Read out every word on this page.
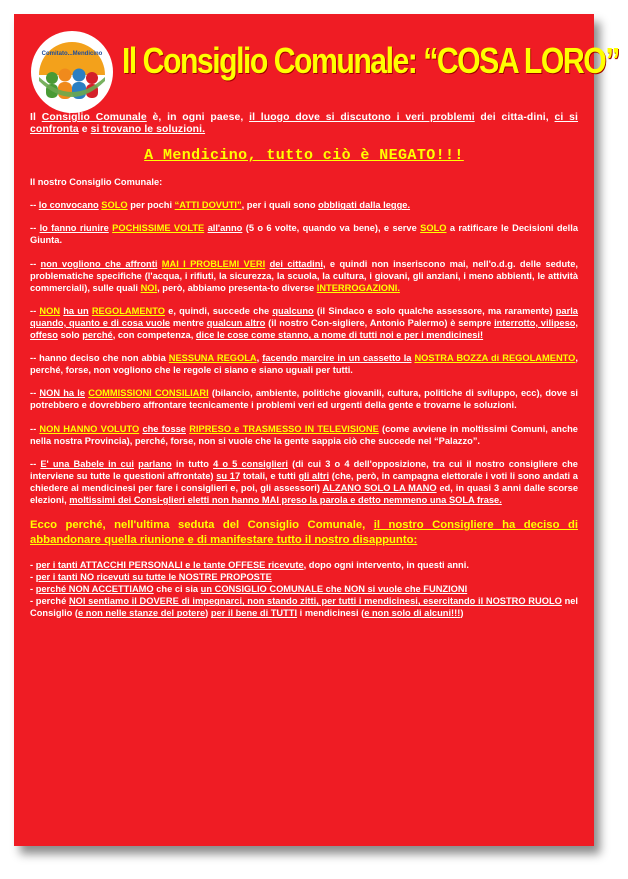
Comitato...Mendicino Il Consiglio Comunale: “COSA LORO”

Il Consiglio Comunale è, in ogni paese, il luogo dove si discutono i veri problemi dei citta-dini, ci si confronta e si trovano le soluzioni.

A Mendicino, tutto ciò è NEGATO!!!

Il nostro Consiglio Comunale:

-- lo convocano SOLO per pochi “ATTI DOVUTI”, per i quali sono obbligati dalla legge.

-- lo fanno riunire POCHISSIME VOLTE all'anno (5 o 6 volte, quando va bene), e serve SOLO a ratificare le Decisioni della Giunta.

-- non vogliono che affronti MAI I PROBLEMI VERI dei cittadini, e quindi non inseriscono mai, nell'o.d.g. delle sedute, problematiche specifiche (l'acqua, i rifiuti, la sicurezza, la scuola, la cultura, i giovani, gli anziani, i meno abbienti, le attività commerciali), sulle quali NOI, però, abbiamo presenta-to diverse INTERROGAZIONI.

-- NON ha un REGOLAMENTO e, quindi, succede che qualcuno (il Sindaco e solo qualche assessore, ma raramente) parla quando, quanto e di cosa vuole mentre qualcun altro (il nostro Con-sigliere, Antonio Palermo) è sempre interrotto, vilipeso, offeso solo perché, con competenza, dice le cose come stanno, a nome di tutti noi e per i mendicinesi!

-- hanno deciso che non abbia NESSUNA REGOLA, facendo marcire in un cassetto la NOSTRA BOZZA di REGOLAMENTO, perché, forse, non vogliono che le regole ci siano e siano uguali per tutti.

-- NON ha le COMMISSIONI CONSILIARI (bilancio, ambiente, politiche giovanili, cultura, politiche di sviluppo, ecc), dove si potrebbero e dovrebbero affrontare tecnicamente i problemi veri ed urgenti della gente e trovarne le soluzioni.

-- NON HANNO VOLUTO che fosse RIPRESO e TRASMESSO IN TELEVISIONE (come avviene in moltissimi Comuni, anche nella nostra Provincia), perché, forse, non si vuole che la gente sappia ciò che succede nel “Palazzo”.

-- E' una Babele in cui parlano in tutto 4 o 5 consiglieri (di cui 3 o 4 dell'opposizione, tra cui il nostro consigliere che interviene su tutte le questioni affrontate) su 17 totali, e tutti gli altri (che, però, in campagna elettorale i voti li sono andati a chiedere ai mendicinesi per fare i consiglieri e, poi, gli assessori) ALZANO SOLO LA MANO ed, in quasi 3 anni dalle scorse elezioni, moltissimi dei Consi-glieri eletti non hanno MAI preso la parola e detto nemmeno una SOLA frase.

Ecco perché, nell'ultima seduta del Consiglio Comunale, il nostro Consigliere ha deciso di abbandonare quella riunione e di manifestare tutto il nostro disappunto:

- per i tanti ATTACCHI PERSONALI e le tante OFFESE ricevute, dopo ogni intervento, in questi anni.

- per i tanti NO ricevuti su tutte le NOSTRE PROPOSTE

- perché NON ACCETTIAMO che ci sia un CONSIGLIO COMUNALE che NON si vuole che FUNZIONI

- perché NOI sentiamo il DOVERE di impegnarci, non stando zitti, per tutti i mendicinesi, esercitando il NOSTRO RUOLO nel Consiglio (e non nelle stanze del potere) per il bene di TUTTI i mendicinesi (e non solo di alcuni!!!)
